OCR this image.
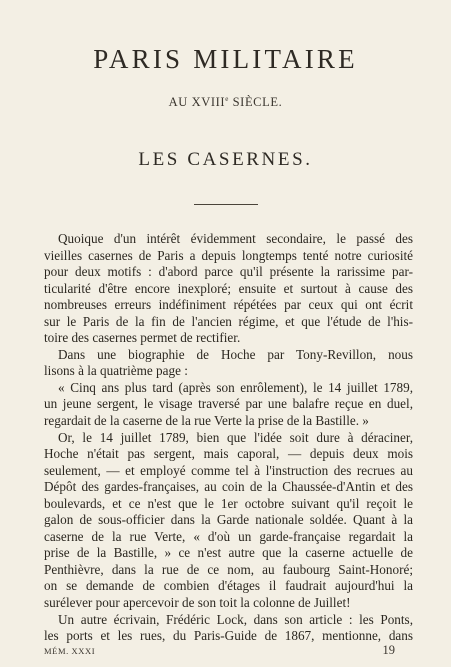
PARIS MILITAIRE
AU XVIIIe SIÈCLE.
LES CASERNES.
Quoique d'un intérêt évidemment secondaire, le passé des
vieilles casernes de Paris a depuis longtemps tenté notre curiosité
pour deux motifs : d'abord parce qu'il présente la rarissime par-
ticularité d'être encore inexploré; ensuite et surtout à cause des
nombreuses erreurs indéfiniment répétées par ceux qui ont écrit
sur le Paris de la fin de l'ancien régime, et que l'étude de l'his-
toire des casernes permet de rectifier.
Dans une biographie de Hoche par Tony-Revillon, nous
lisons à la quatrième page :
« Cinq ans plus tard (après son enrôlement), le 14 juillet 1789,
un jeune sergent, le visage traversé par une balafre reçue en duel,
regardait de la caserne de la rue Verte la prise de la Bastille. »
Or, le 14 juillet 1789, bien que l'idée soit dure à déraciner,
Hoche n'était pas sergent, mais caporal, — depuis deux mois
seulement, — et employé comme tel à l'instruction des recrues au
Dépôt des gardes-françaises, au coin de la Chaussée-d'Antin et des
boulevards, et ce n'est que le 1er octobre suivant qu'il reçoit le
galon de sous-officier dans la Garde nationale soldée. Quant à la
caserne de la rue Verte, « d'où un garde-française regardait la
prise de la Bastille, » ce n'est autre que la caserne actuelle de
Penthièvre, dans la rue de ce nom, au faubourg Saint-Honoré;
on se demande de combien d'étages il faudrait aujourd'hui la
surélever pour apercevoir de son toit la colonne de Juillet!
Un autre écrivain, Frédéric Lock, dans son article : les Ponts,
les ports et les rues, du Paris-Guide de 1867, mentionne, dans
MÉM. XXXI	19
